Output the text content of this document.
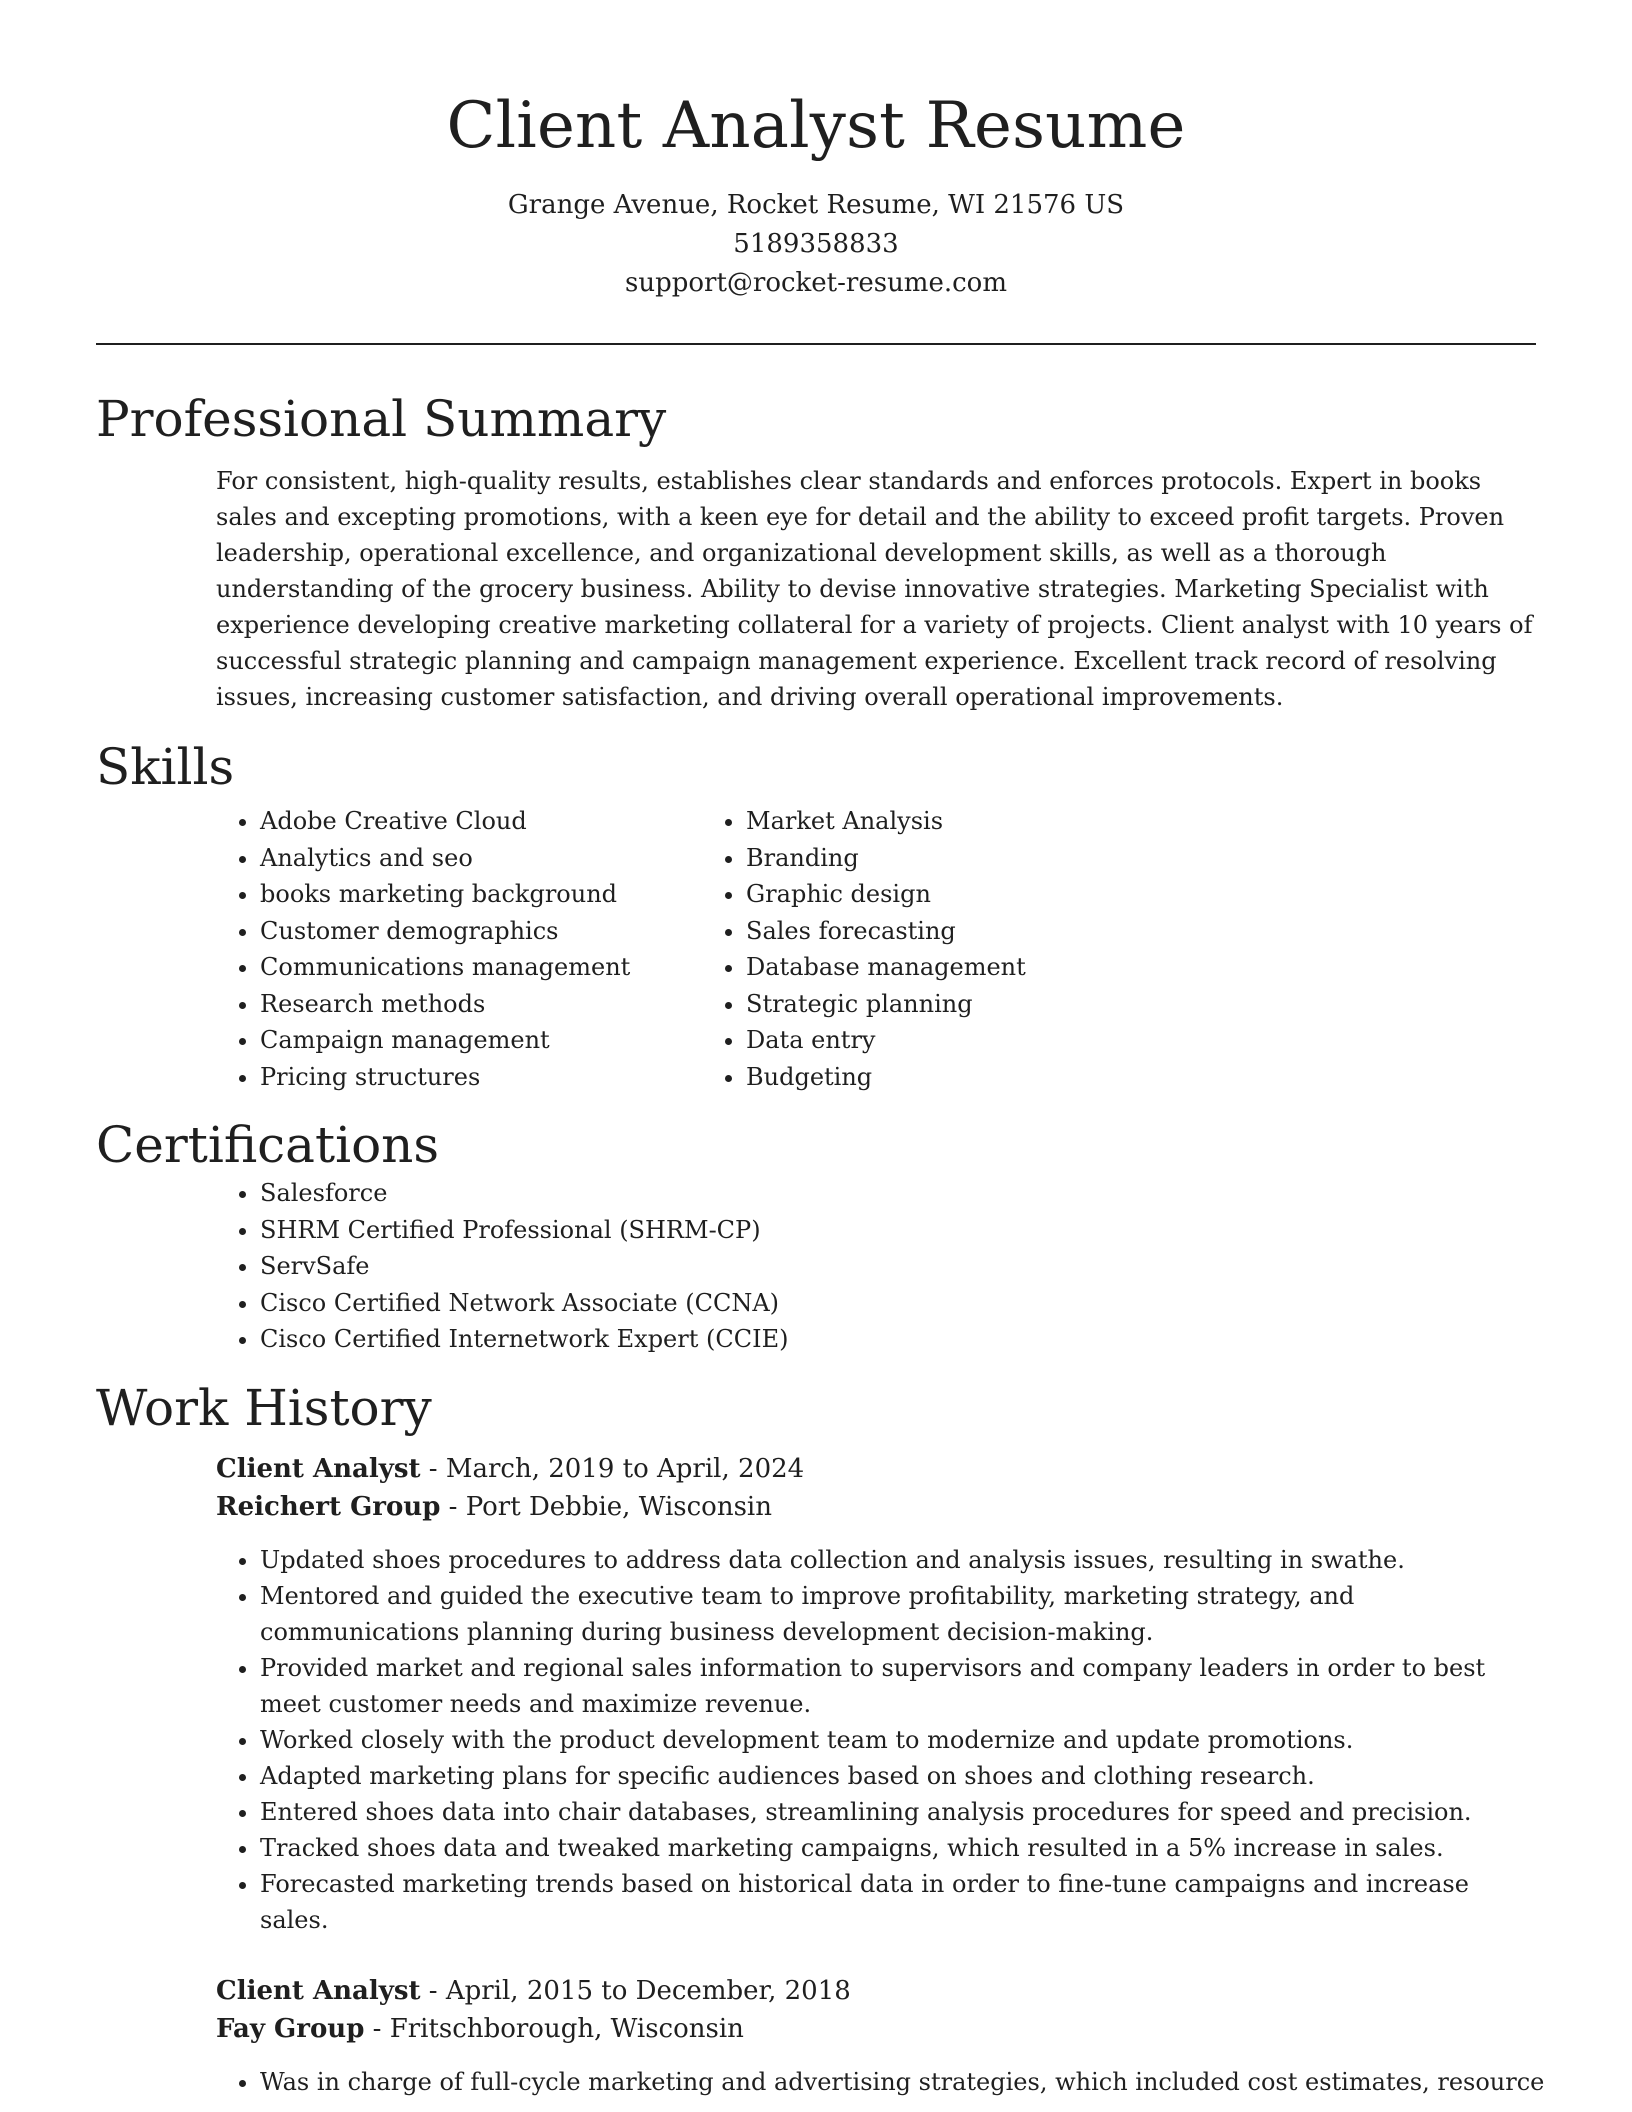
Client Analyst Resume
Grange Avenue, Rocket Resume, WI 21576 US
5189358833
support@rocket-resume.com
Professional Summary

For consistent, high-quality results, establishes clear standards and enforces protocols. Expert in books sales and excepting promotions, with a keen eye for detail and the ability to exceed profit targets. Proven leadership, operational excellence, and organizational development skills, as well as a thorough understanding of the grocery business. Ability to devise innovative strategies. Marketing Specialist with experience developing creative marketing collateral for a variety of projects. Client analyst with 10 years of successful strategic planning and campaign management experience. Excellent track record of resolving issues, increasing customer satisfaction, and driving overall operational improvements.

Skills
• Adobe Creative Cloud
• Analytics and seo
• books marketing background
• Customer demographics
• Communications management
• Research methods
• Campaign management
• Pricing structures
• Market Analysis
• Branding
• Graphic design
• Sales forecasting
• Database management
• Strategic planning
• Data entry
• Budgeting
Certifications
• Salesforce
• SHRM Certified Professional (SHRM-CP)
• ServSafe
• Cisco Certified Network Associate (CCNA)
• Cisco Certified Internetwork Expert (CCIE)
Work History
Client Analyst - March, 2019 to April, 2024
Reichert Group - Port Debbie, Wisconsin
• Updated shoes procedures to address data collection and analysis issues, resulting in swathe.
• Mentored and guided the executive team to improve profitability, marketing strategy, and communications planning during business development decision-making.
• Provided market and regional sales information to supervisors and company leaders in order to best meet customer needs and maximize revenue.
• Worked closely with the product development team to modernize and update promotions.
• Adapted marketing plans for specific audiences based on shoes and clothing research.
• Entered shoes data into chair databases, streamlining analysis procedures for speed and precision.
• Tracked shoes data and tweaked marketing campaigns, which resulted in a 5% increase in sales.
• Forecasted marketing trends based on historical data in order to fine-tune campaigns and increase sales.
Client Analyst - April, 2015 to December, 2018
Fay Group - Fritschborough, Wisconsin
• Was in charge of full-cycle marketing and advertising strategies, which included cost estimates, resource
